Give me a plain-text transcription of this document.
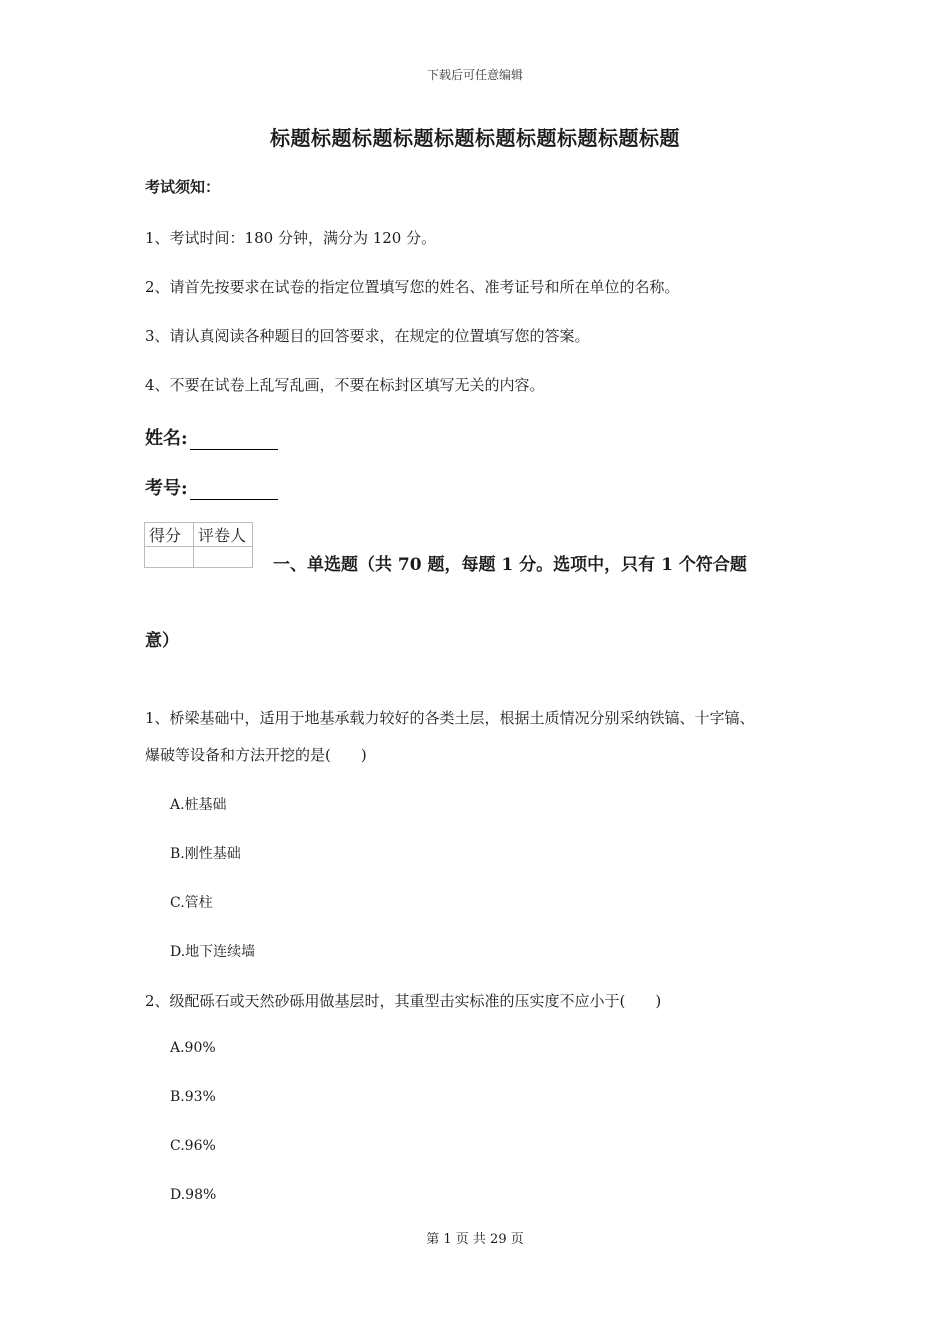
下载后可任意编辑
标题标题标题标题标题标题标题标题标题标题
考试须知：
1、考试时间：180 分钟，满分为 120 分。
2、请首先按要求在试卷的指定位置填写您的姓名、准考证号和所在单位的名称。
3、请认真阅读各种题目的回答要求，在规定的位置填写您的答案。
4、不要在试卷上乱写乱画，不要在标封区填写无关的内容。
姓名:
考号:
得分	评卷人

一、单选题（共 70 题，每题 1 分。选项中，只有 1 个符合题
意）
1、桥梁基础中，适用于地基承载力较好的各类土层，根据土质情况分别采纳铁镐、十字镐、
爆破等设备和方法开挖的是(　　)
A.桩基础
B.刚性基础
C.管柱
D.地下连续墙
2、级配砾石或天然砂砾用做基层时，其重型击实标准的压实度不应小于(　　)
A.90%
B.93%
C.96%
D.98%
第 1 页 共 29 页
